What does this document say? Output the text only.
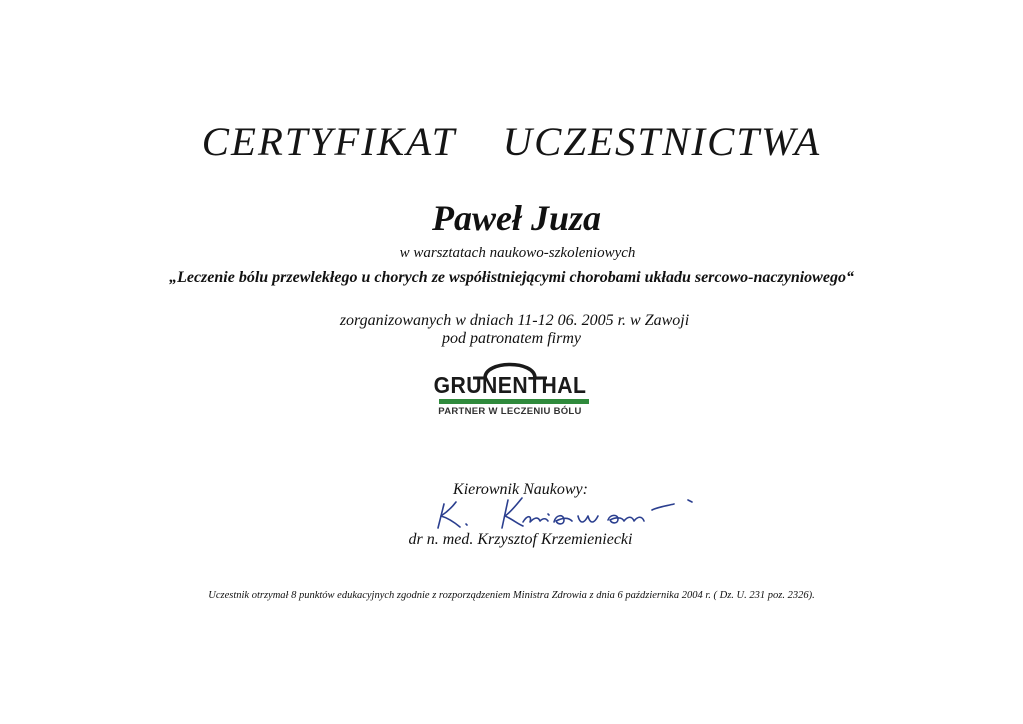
CERTYFIKAT UCZESTNICTWA
Paweł Juza
w warsztatach naukowo-szkoleniowych
„Leczenie bólu przewlekłego u chorych ze współistniejącymi chorobami układu sercowo-naczyniowego“
zorganizowanych w dniach 11-12 06. 2005 r. w Zawoji
pod patronatem firmy
GRUNENTHAL
PARTNER W LECZENIU BÓLU
Kierownik Naukowy:
dr n. med. Krzysztof Krzemieniecki
Uczestnik otrzymał 8 punktów edukacyjnych zgodnie z rozporządzeniem Ministra Zdrowia z dnia 6 października 2004 r. ( Dz. U. 231 poz. 2326).
